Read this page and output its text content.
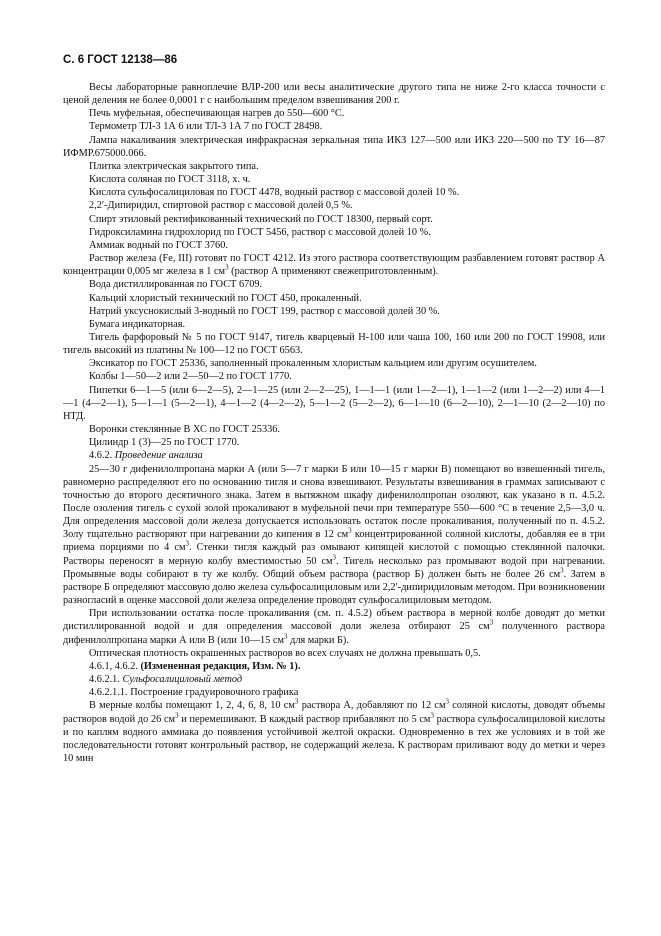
С. 6 ГОСТ 12138—86

Весы лабораторные равноплечие ВЛР-200 или весы аналитические другого типа не ниже 2-го класса точности с ценой деления не более 0,0001 г с наибольшим пределом взвешивания 200 г.

Печь муфельная, обеспечивающая нагрев до 550—600 °С.

Термометр ТЛ-3 1А 6 или ТЛ-3 1А 7 по ГОСТ 28498.

Лампа накаливания электрическая инфракрасная зеркальная типа ИКЗ 127—500 или ИКЗ 220—500 по ТУ 16—87 ИФМР.675000.066.

Плитка электрическая закрытого типа.

Кислота соляная по ГОСТ 3118, х. ч.

Кислота сульфосалициловая по ГОСТ 4478, водный раствор с массовой долей 10 %.

2,2′-Дипиридил, спиртовой раствор с массовой долей 0,5 %.

Спирт этиловый ректификованный технический по ГОСТ 18300, первый сорт.

Гидроксиламина гидрохлорид по ГОСТ 5456, раствор с массовой долей 10 %.

Аммиак водный по ГОСТ 3760.

Раствор железа (Fe, III) готовят по ГОСТ 4212. Из этого раствора соответствующим разбавлением готовят раствор А концентрации 0,005 мг железа в 1 $см^3$ (раствор А применяют свежеприготовленным).

Вода дистиллированная по ГОСТ 6709.

Кальций хлористый технический по ГОСТ 450, прокаленный.

Натрий уксуснокислый 3-водный по ГОСТ 199, раствор с массовой долей 30 %.

Бумага индикаторная.

Тигель фарфоровый № 5 по ГОСТ 9147, тигель кварцевый Н-100 или чаша 100, 160 или 200 по ГОСТ 19908, или тигель высокий из платины № 100—12 по ГОСТ 6563.

Эксикатор по ГОСТ 25336, заполненный прокаленным хлористым кальцием или другим осушителем.

Колбы 1—50—2 или 2—50—2 по ГОСТ 1770.

Пипетки 6—1—5 (или 6—2—5), 2—1—25 (или 2—2—25), 1—1—1 (или 1—2—1), 1—1—2 (или 1—2—2) или 4—1—1 (4—2—1), 5—1—1 (5—2—1), 4—1—2 (4—2—2), 5—1—2 (5—2—2), 6—1—10 (6—2—10), 2—1—10 (2—2—10) по НТД.

Воронки стеклянные В ХС по ГОСТ 25336.

Цилиндр 1 (3)—25 по ГОСТ 1770.

4.6.2. Проведение анализа

25—30 г дифенилолпропана марки А (или 5—7 г марки Б или 10—15 г марки В) помещают во взвешенный тигель, равномерно распределяют его по основанию тигля и снова взвешивают. Результаты взвешивания в граммах записывают с точностью до второго десятичного знака. Затем в вытяжном шкафу дифенилолпропан озоляют, как указано в п. 4.5.2. После озоления тигель с сухой золой прокаливают в муфельной печи при температуре 550—600 °С в течение 2,5—3,0 ч. Для определения массовой доли железа допускается использовать остаток после прокаливания, полученный по п. 4.5.2. Золу тщательно растворяют при нагревании до кипения в 12 $см^3$ концентрированной соляной кислоты, добавляя ее в три приема порциями по 4 $см^3$. Стенки тигля каждый раз омывают кипящей кислотой с помощью стеклянной палочки. Растворы переносят в мерную колбу вместимостью 50 $см^3$. Тигель несколько раз промывают водой при нагревании. Промывные воды собирают в ту же колбу. Общий объем раствора (раствор Б) должен быть не более 26 $см^3$. Затем в растворе Б определяют массовую долю железа сульфосалициловым или 2,2′-дипиридиловым методом. При возникновении разногласий в оценке массовой доли железа определение проводят сульфосалициловым методом.

При использовании остатка после прокаливания (см. п. 4.5.2) объем раствора в мерной колбе доводят до метки дистиллированной водой и для определения массовой доли железа отбирают 25 $см^3$ полученного раствора дифенилолпропана марки А или В (или 10—15 $см^3$ для марки Б).

Оптическая плотность окрашенных растворов во всех случаях не должна превышать 0,5.

4.6.1, 4.6.2. (Измененная редакция, Изм. № 1).

4.6.2.1. Сульфосалициловый метод

4.6.2.1.1. Построение градуировочного графика

В мерные колбы помещают 1, 2, 4, 6, 8, 10 $см^3$ раствора А, добавляют по 12 $см^3$ соляной кислоты, доводят объемы растворов водой до 26 $см^3$ и перемешивают. В каждый раствор прибавляют по 5 $см^3$ раствора сульфосалициловой кислоты и по каплям водного аммиака до появления устойчивой желтой окраски. Одновременно в тех же условиях и в той же последовательности готовят контрольный раствор, не содержащий железа. К растворам приливают воду до метки и через 10 мин
